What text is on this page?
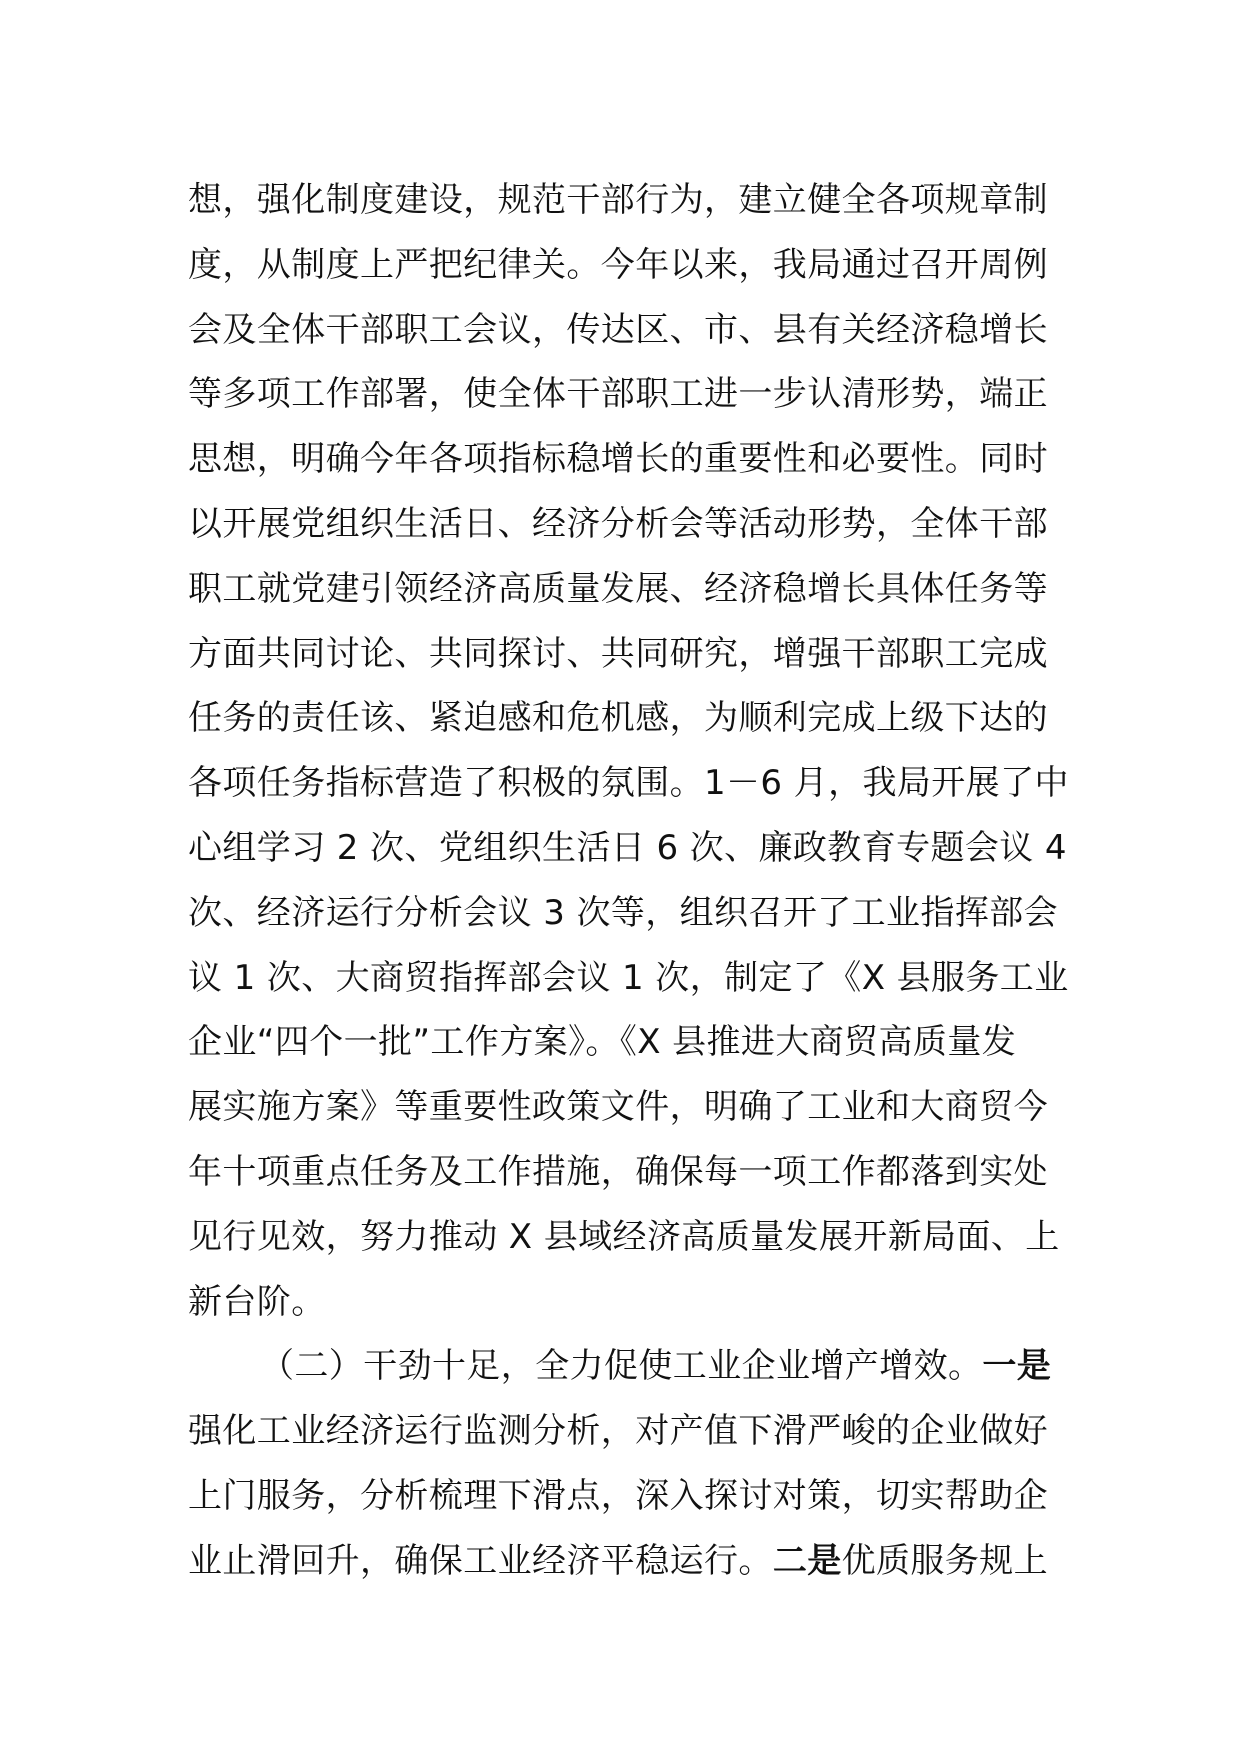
想，强化制度建设，规范干部行为，建立健全各项规章制
度，从制度上严把纪律关。今年以来，我局通过召开周例
会及全体干部职工会议，传达区、市、县有关经济稳增长
等多项工作部署，使全体干部职工进一步认清形势，端正
思想，明确今年各项指标稳增长的重要性和必要性。同时
以开展党组织生活日、经济分析会等活动形势，全体干部
职工就党建引领经济高质量发展、经济稳增长具体任务等
方面共同讨论、共同探讨、共同研究，增强干部职工完成
任务的责任该、紧迫感和危机感，为顺利完成上级下达的
各项任务指标营造了积极的氛围。1－6 月，我局开展了中
心组学习 2 次、党组织生活日 6 次、廉政教育专题会议 4
次、经济运行分析会议 3 次等，组织召开了工业指挥部会
议 1 次、大商贸指挥部会议 1 次，制定了《X 县服务工业
企业“四个一批”工作方案》。《X 县推进大商贸高质量发
展实施方案》等重要性政策文件，明确了工业和大商贸今
年十项重点任务及工作措施，确保每一项工作都落到实处
见行见效，努力推动 X 县域经济高质量发展开新局面、上
新台阶。
（二）干劲十足，全力促使工业企业增产增效。一是
强化工业经济运行监测分析，对产值下滑严峻的企业做好
上门服务，分析梳理下滑点，深入探讨对策，切实帮助企
业止滑回升，确保工业经济平稳运行。二是优质服务规上
